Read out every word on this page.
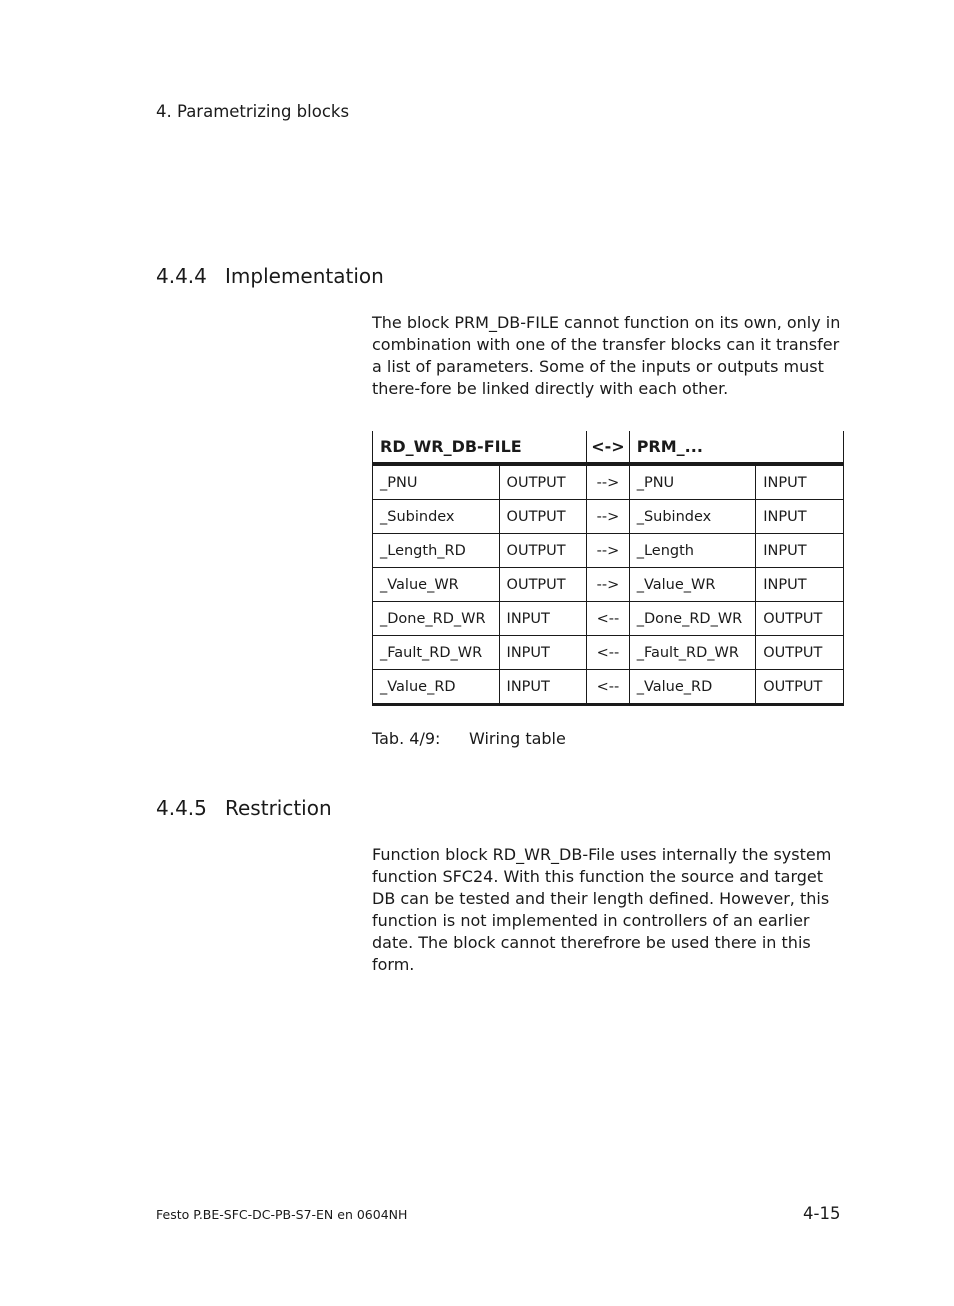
4. Parametrizing blocks
4.4.4 Implementation

The block PRM_DB-FILE cannot function on its own, only in combination with one of the transfer blocks can it transfer a list of parameters. Some of the inputs or outputs must there-fore be linked directly with each other.

RD_WR_DB-FILE		<->	PRM_...	
_PNU	OUTPUT	-->	_PNU	INPUT
_Subindex	OUTPUT	-->	_Subindex	INPUT
_Length_RD	OUTPUT	-->	_Length	INPUT
_Value_WR	OUTPUT	-->	_Value_WR	INPUT
_Done_RD_WR	INPUT	<--	_Done_RD_WR	OUTPUT
_Fault_RD_WR	INPUT	<--	_Fault_RD_WR	OUTPUT
_Value_RD	INPUT	<--	_Value_RD	OUTPUT
Tab. 4/9: Wiring table
4.4.5 Restriction

Function block RD_WR_DB-File uses internally the system function SFC24. With this function the source and target DB can be tested and their length defined. However, this function is not implemented in controllers of an earlier date. The block cannot therefrore be used there in this form.

Festo P.BE-SFC-DC-PB-S7-EN en 0604NH	4-15
